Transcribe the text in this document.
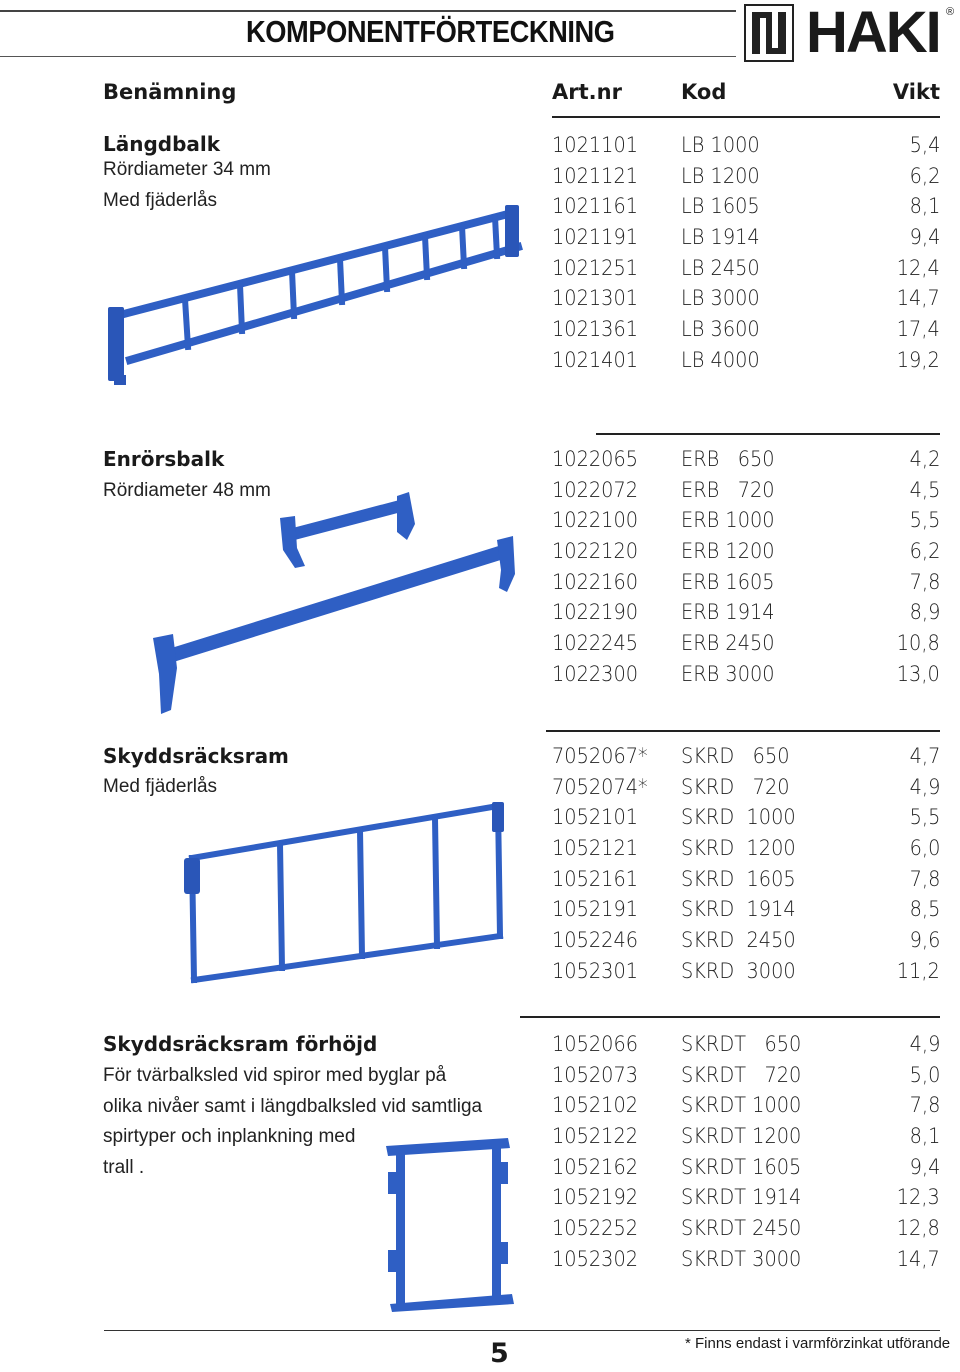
KOMPONENTFÖRTECKNING	HAKI ®
Benämning	Art.nr	Kod	Vikt
Längdbalk
Rördiameter 34 mm
Med fjäderlås
1021101 LB 1000	5,4
1021121 LB 1200	6,2
1021161 LB 1605	8,1
1021191 LB 1914	9,4
1021251 LB 2450	12,4
1021301 LB 3000	14,7
1021361 LB 3600	17,4
1021401 LB 4000	19,2
Enrörsbalk
Rördiameter 48 mm
1022065 ERB   650	4,2
1022072 ERB   720	4,5
1022100 ERB 1000	5,5
1022120 ERB 1200	6,2
1022160 ERB 1605	7,8
1022190 ERB 1914	8,9
1022245 ERB 2450	10,8
1022300 ERB 3000	13,0
Skyddsräcksram
Med fjäderlås
7052067* SKRD   650	4,7
7052074* SKRD   720	4,9
1052101 SKRD  1000	5,5
1052121 SKRD  1200	6,0
1052161 SKRD  1605	7,8
1052191 SKRD  1914	8,5
1052246 SKRD  2450	9,6
1052301 SKRD  3000	11,2
Skyddsräcksram förhöjd
För tvärbalksled vid spiror med byglar på
olika nivåer samt i längdbalksled vid samtliga
spirtyper och inplankning med
trall .
1052066 SKRDT   650	4,9
1052073 SKRDT   720	5,0
1052102 SKRDT 1000	7,8
1052122 SKRDT 1200	8,1
1052162 SKRDT 1605	9,4
1052192 SKRDT 1914	12,3
1052252 SKRDT 2450	12,8
1052302 SKRDT 3000	14,7
5	* Finns endast i varmförzinkat utförande
